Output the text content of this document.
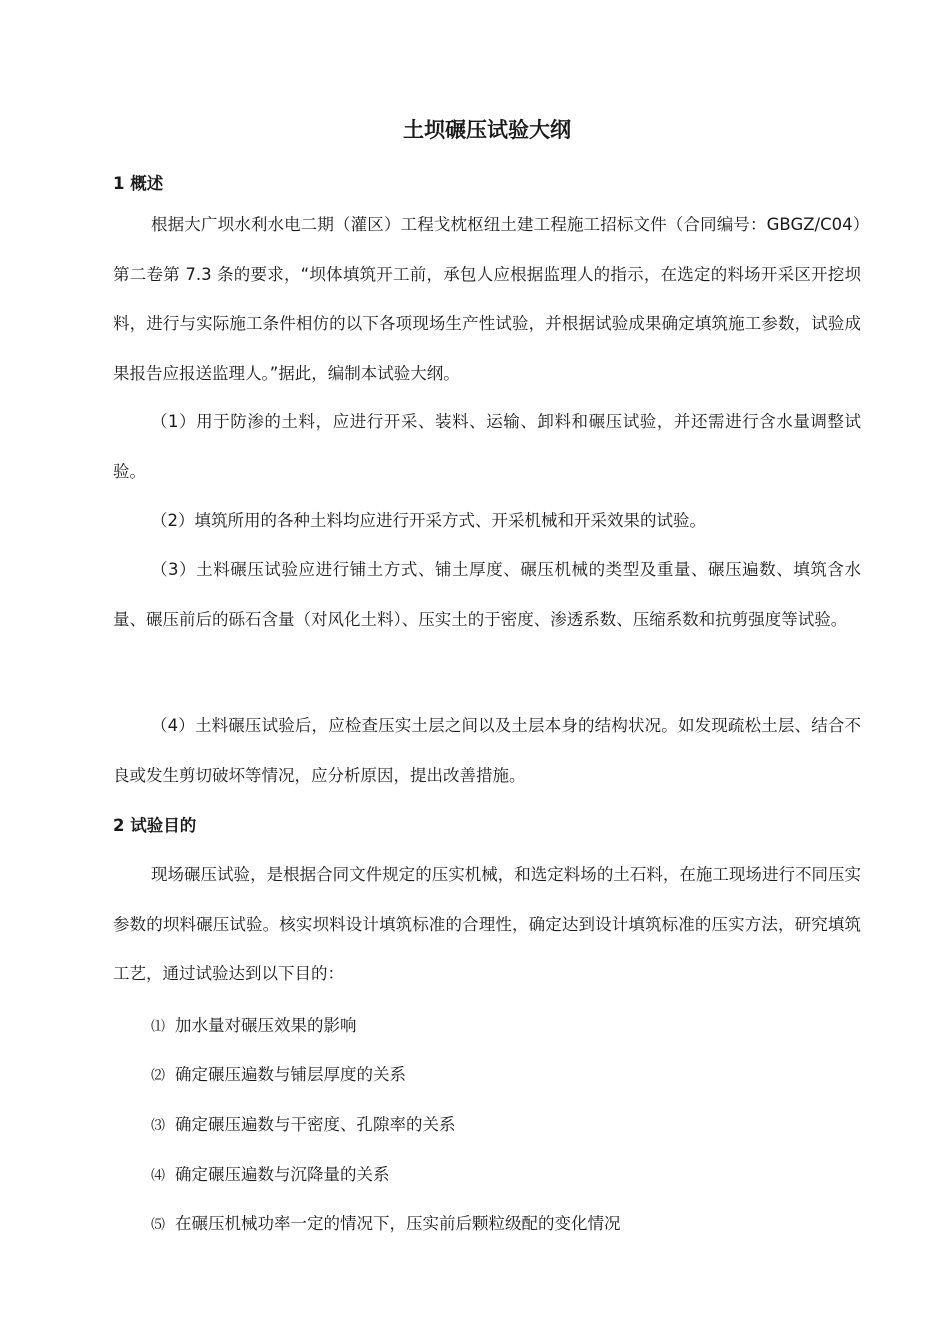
土坝碾压试验大纲
1 概述

根据大广坝水利水电二期（灌区）工程戈枕枢纽土建工程施工招标文件（合同编号：GBGZ/C04）第二卷第 7.3 条的要求，“坝体填筑开工前，承包人应根据监理人的指示，在选定的料场开采区开挖坝料，进行与实际施工条件相仿的以下各项现场生产性试验，并根据试验成果确定填筑施工参数，试验成果报告应报送监理人。”据此，编制本试验大纲。

（1）用于防渗的土料，应进行开采、装料、运输、卸料和碾压试验，并还需进行含水量调整试验。

（2）填筑所用的各种土料均应进行开采方式、开采机械和开采效果的试验。

（3）土料碾压试验应进行铺土方式、铺土厚度、碾压机械的类型及重量、碾压遍数、填筑含水量、碾压前后的砾石含量（对风化土料）、压实土的于密度、渗透系数、压缩系数和抗剪强度等试验。

（4）土料碾压试验后，应检查压实土层之间以及土层本身的结构状况。如发现疏松土层、结合不良或发生剪切破坏等情况，应分析原因，提出改善措施。

2 试验目的

现场碾压试验，是根据合同文件规定的压实机械，和选定料场的土石料，在施工现场进行不同压实参数的坝料碾压试验。核实坝料设计填筑标准的合理性，确定达到设计填筑标准的压实方法，研究填筑工艺，通过试验达到以下目的：

⑴ 加水量对碾压效果的影响
⑵ 确定碾压遍数与铺层厚度的关系
⑶ 确定碾压遍数与干密度、孔隙率的关系
⑷ 确定碾压遍数与沉降量的关系
⑸ 在碾压机械功率一定的情况下，压实前后颗粒级配的变化情况
